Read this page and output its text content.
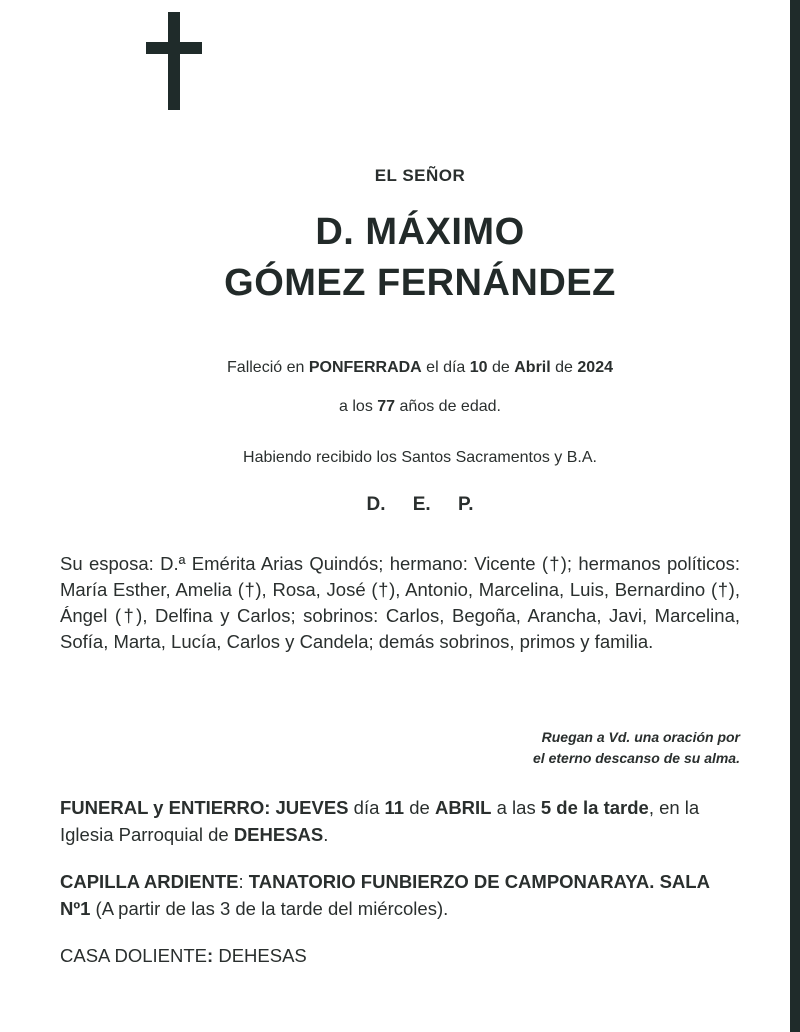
EL SEÑOR
D. MÁXIMO
GÓMEZ FERNÁNDEZ
Falleció en PONFERRADA el día 10 de Abril de 2024
a los 77 años de edad.
Habiendo recibido los Santos Sacramentos y B.A.
D. E. P.
Su esposa: D.ª Emérita Arias Quindós; hermano: Vicente (†); hermanos políticos: María Esther, Amelia (†), Rosa, José (†), Antonio, Marcelina, Luis, Bernardino (†), Ángel (†), Delfina y Carlos; sobrinos: Carlos, Begoña, Arancha, Javi, Marcelina, Sofía, Marta, Lucía, Carlos y Candela; demás sobrinos, primos y familia.
Ruegan a Vd. una oración por
el eterno descanso de su alma.
FUNERAL y ENTIERRO: JUEVES día 11 de ABRIL a las 5 de la tarde, en la Iglesia Parroquial de DEHESAS.
CAPILLA ARDIENTE: TANATORIO FUNBIERZO DE CAMPONARAYA. SALA Nº1 (A partir de las 3 de la tarde del miércoles).
CASA DOLIENTE: DEHESAS
